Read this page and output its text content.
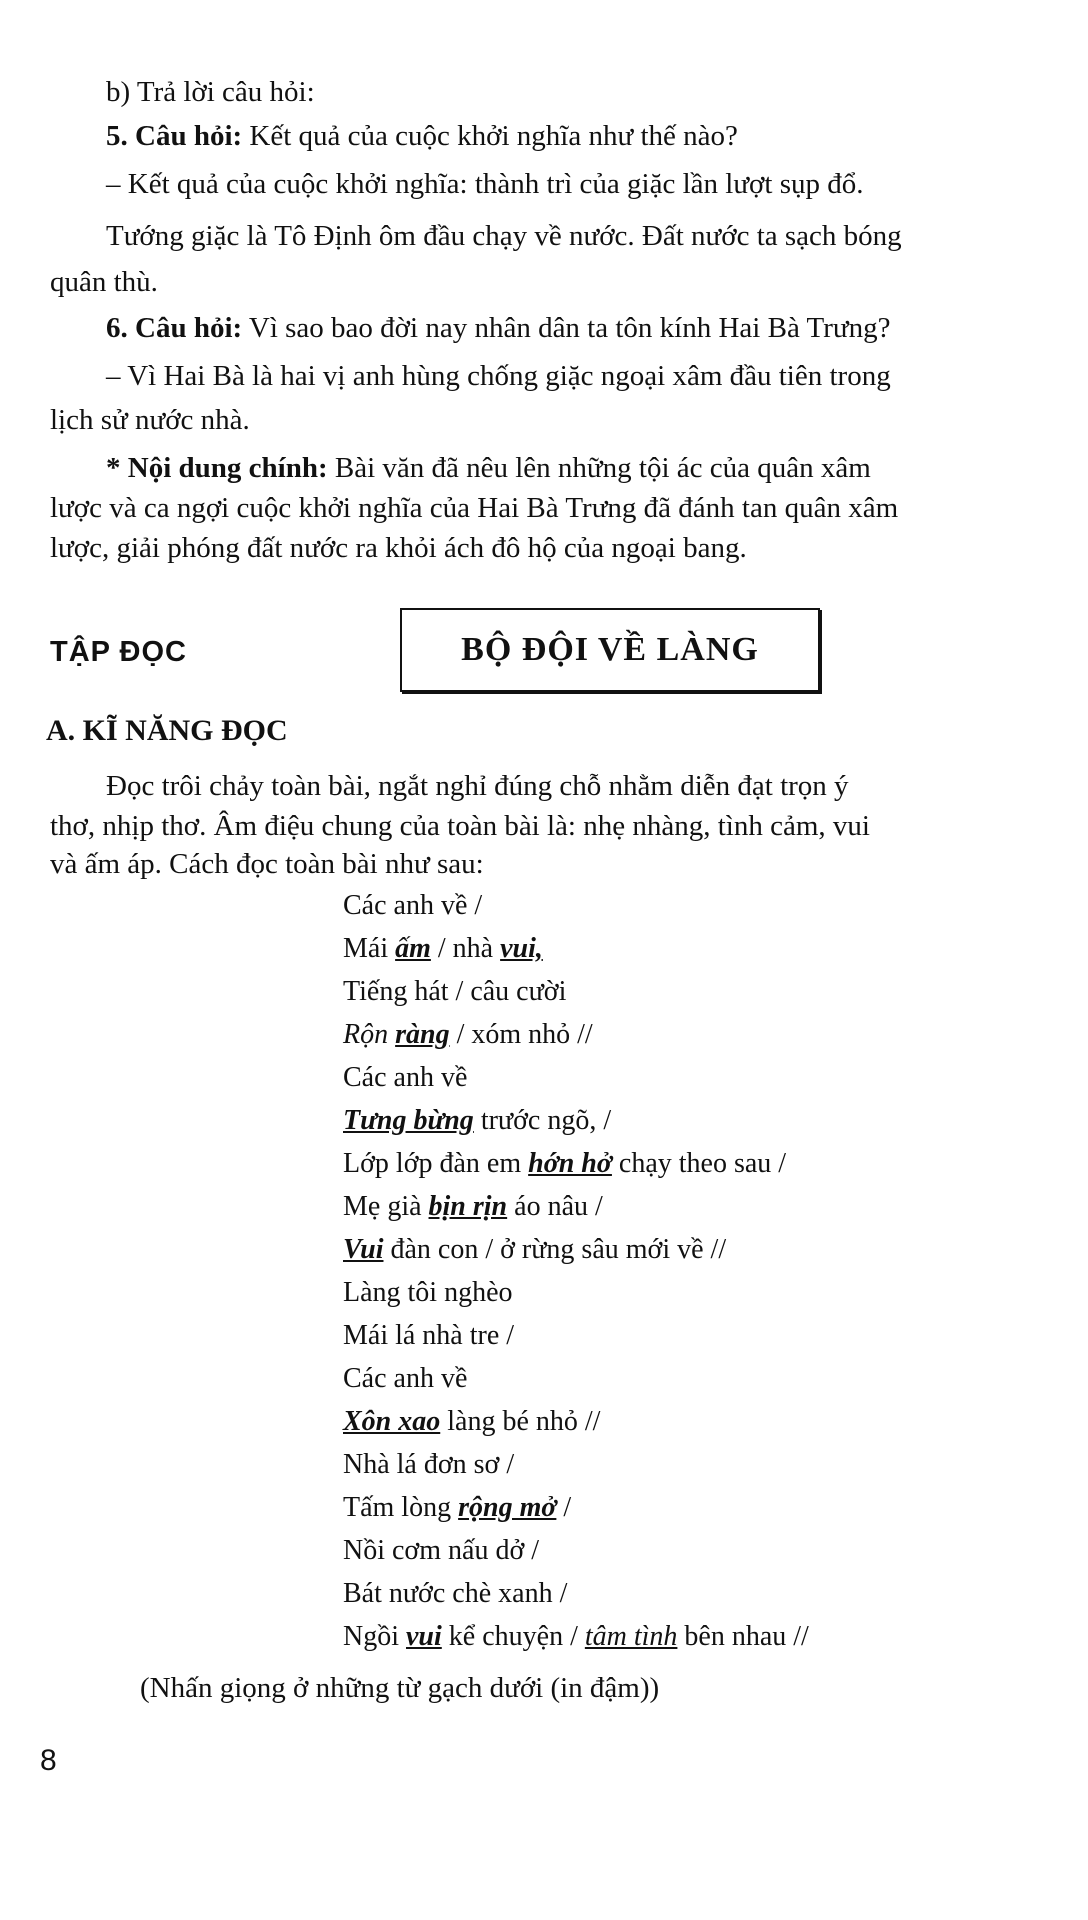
b) Trả lời câu hỏi:
5. Câu hỏi: Kết quả của cuộc khởi nghĩa như thế nào?
– Kết quả của cuộc khởi nghĩa: thành trì của giặc lần lượt sụp đổ.
Tướng giặc là Tô Định ôm đầu chạy về nước. Đất nước ta sạch bóng
quân thù.
6. Câu hỏi: Vì sao bao đời nay nhân dân ta tôn kính Hai Bà Trưng?
– Vì Hai Bà là hai vị anh hùng chống giặc ngoại xâm đầu tiên trong
lịch sử nước nhà.
* Nội dung chính: Bài văn đã nêu lên những tội ác của quân xâm
lược và ca ngợi cuộc khởi nghĩa của Hai Bà Trưng đã đánh tan quân xâm
lược, giải phóng đất nước ra khỏi ách đô hộ của ngoại bang.
TẬP ĐỌC	BỘ ĐỘI VỀ LÀNG
A. KĨ NĂNG ĐỌC
Đọc trôi chảy toàn bài, ngắt nghỉ đúng chỗ nhằm diễn đạt trọn ý
thơ, nhịp thơ. Âm điệu chung của toàn bài là: nhẹ nhàng, tình cảm, vui
và ấm áp. Cách đọc toàn bài như sau:
Các anh về /
Mái ấm / nhà vui,
Tiếng hát / câu cười
Rộn ràng / xóm nhỏ //
Các anh về
Tưng bừng trước ngõ, /
Lớp lớp đàn em hớn hở chạy theo sau /
Mẹ già bịn rịn áo nâu /
Vui đàn con / ở rừng sâu mới về //
Làng tôi nghèo
Mái lá nhà tre /
Các anh về
Xôn xao làng bé nhỏ //
Nhà lá đơn sơ /
Tấm lòng rộng mở /
Nồi cơm nấu dở /
Bát nước chè xanh /
Ngồi vui kể chuyện / tâm tình bên nhau //
(Nhấn giọng ở những từ gạch dưới (in đậm))
8
